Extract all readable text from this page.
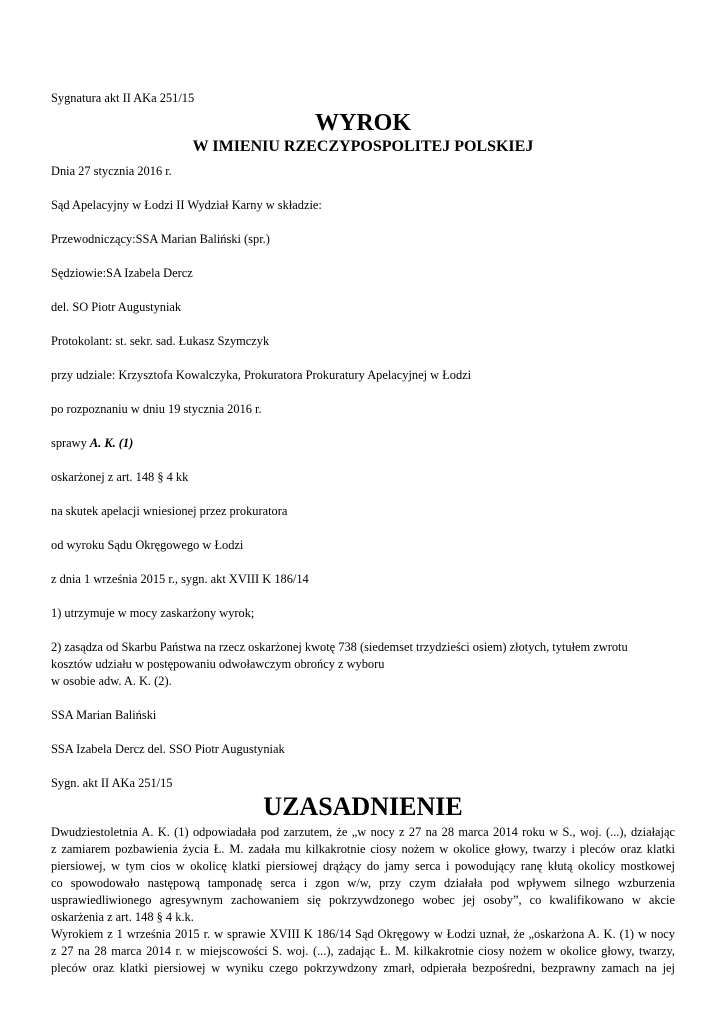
Sygnatura akt II AKa 251/15

WYROK
W IMIENIU RZECZYPOSPOLITEJ POLSKIEJ

Dnia 27 stycznia 2016 r.

Sąd Apelacyjny w Łodzi II Wydział Karny w składzie:

Przewodniczący:SSA Marian Baliński (spr.)

Sędziowie:SA Izabela Dercz

del. SO Piotr Augustyniak

Protokolant: st. sekr. sad. Łukasz Szymczyk

przy udziale: Krzysztofa Kowalczyka, Prokuratora Prokuratury Apelacyjnej w Łodzi

po rozpoznaniu w dniu 19 stycznia 2016 r.

sprawy A. K. (1)

oskarżonej z art. 148 § 4 kk

na skutek apelacji wniesionej przez prokuratora

od wyroku Sądu Okręgowego w Łodzi

z dnia 1 września 2015 r., sygn. akt XVIII K 186/14

1) utrzymuje w mocy zaskarżony wyrok;

2) zasądza od Skarbu Państwa na rzecz oskarżonej kwotę 738 (siedemset trzydzieści osiem) złotych, tytułem zwrotu

kosztów udziału w postępowaniu odwoławczym obrońcy z wyboru

w osobie adw. A. K. (2).

SSA Marian Baliński

SSA Izabela Dercz del. SSO Piotr Augustyniak

Sygn. akt II AKa 251/15

UZASADNIENIE
Dwudziestoletnia A. K. (1) odpowiadała pod zarzutem, że „w nocy z 27 na 28 marca 2014 roku w S., woj. (...), działając
z zamiarem pozbawienia życia Ł. M. zadała mu kilkakrotnie ciosy nożem w okolice głowy, twarzy i pleców oraz klatki
piersiowej, w tym cios w okolicę klatki piersiowej drążący do jamy serca i powodujący ranę kłutą okolicy mostkowej
co spowodowało następową tamponadę serca i zgon w/w, przy czym działała pod wpływem silnego wzburzenia
usprawiedliwionego agresywnym zachowaniem się pokrzywdzonego wobec jej osoby”, co kwalifikowano w akcie
oskarżenia z art. 148 § 4 k.k.
Wyrokiem z 1 września 2015 r. w sprawie XVIII K 186/14 Sąd Okręgowy w Łodzi uznał, że „oskarżona A. K. (1) w nocy
z 27 na 28 marca 2014 r. w miejscowości S. woj. (...), zadając Ł. M. kilkakrotnie ciosy nożem w okolice głowy, twarzy,
pleców oraz klatki piersiowej w wyniku czego pokrzywdzony zmarł, odpierała bezpośredni, bezprawny zamach na jej
